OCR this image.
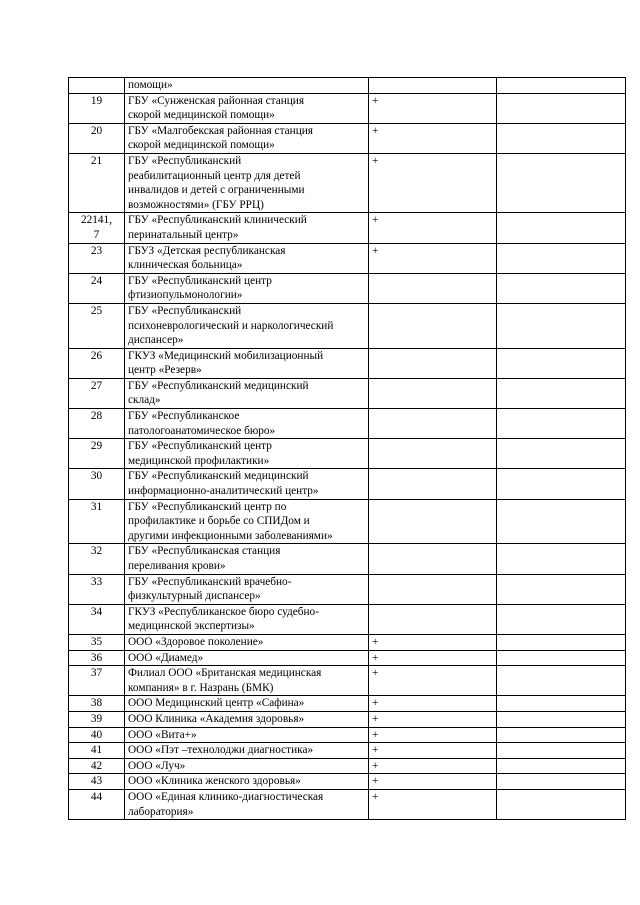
	помощи»		

19	ГБУ «Сунженская районная станция
скорой медицинской помощи»	+	

20	ГБУ «Малгобекская районная станция
скорой медицинской помощи»	+	

21	ГБУ «Республиканский
реабилитационный центр для детей
инвалидов и детей с ограниченными
возможностями» (ГБУ РРЦ)	+	

22141,
7	ГБУ «Республиканский клинический
перинатальный центр»	+	

23	ГБУЗ «Детская республиканская
клиническая больница»	+	

24	ГБУ «Республиканский центр
фтизиопульмонологии»		

25	ГБУ «Республиканский
психоневрологический и наркологический
диспансер»		

26	ГКУЗ «Медицинский мобилизационный
центр «Резерв»		

27	ГБУ «Республиканский медицинский
склад»		

28	ГБУ «Республиканское
патологоанатомическое бюро»		

29	ГБУ «Республиканский центр
медицинской профилактики»		

30	ГБУ «Республиканский медицинский
информационно-аналитический центр»		

31	ГБУ «Республиканский центр по
профилактике и борьбе со СПИДом и
другими инфекционными заболеваниями»		

32	ГБУ «Республиканская станция
переливания крови»		

33	ГБУ «Республиканский врачебно-
физкультурный диспансер»		

34	ГКУЗ «Республиканское бюро судебно-
медицинской экспертизы»		

35	ООО «Здоровое поколение»	+	

36	ООО «Диамед»	+	

37	Филиал ООО «Британская медицинская
компания» в г. Назрань (БМК)	+	

38	ООО Медицинский центр «Сафина»	+	

39	ООО Клиника «Академия здоровья»	+	

40	ООО «Вита+»	+	

41	ООО «Пэт –технолоджи диагностика»	+	

42	ООО «Луч»	+	

43	ООО «Клиника женского здоровья»	+	

44	ООО «Единая клинико-диагностическая
лаборатория»	+	
